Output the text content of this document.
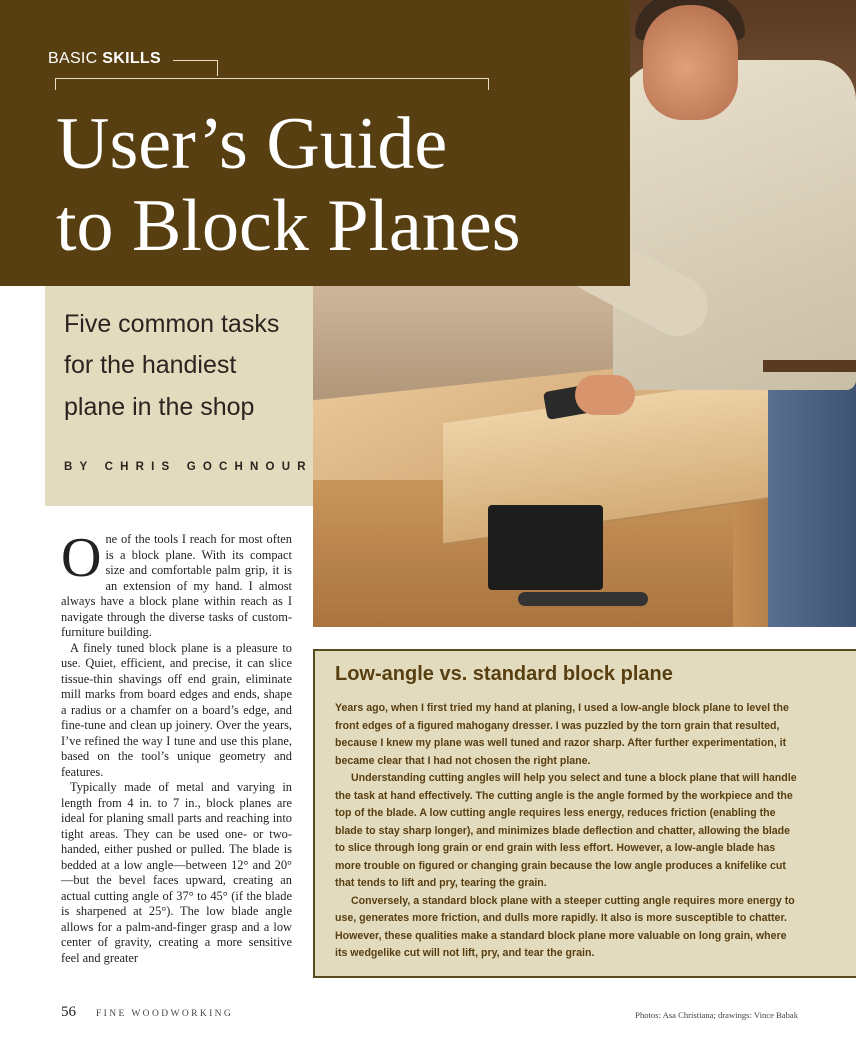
BASIC SKILLS
User’s Guide
to Block Planes
Five common tasks
for the handiest
plane in the shop
BY CHRIS GOCHNOUR

One of the tools I reach for most often is a block plane. With its compact size and comfortable palm grip, it is an extension of my hand. I almost always have a block plane within reach as I navigate through the diverse tasks of custom-furniture building.

A finely tuned block plane is a pleasure to use. Quiet, efficient, and precise, it can slice tissue-thin shavings off end grain, eliminate mill marks from board edges and ends, shape a radius or a chamfer on a board’s edge, and fine-tune and clean up joinery. Over the years, I’ve refined the way I tune and use this plane, based on the tool’s unique geometry and features.

Typically made of metal and varying in length from 4 in. to 7 in., block planes are ideal for planing small parts and reaching into tight areas. They can be used one- or two-handed, either pushed or pulled. The blade is bedded at a low angle—between 12° and 20°—but the bevel faces upward, creating an actual cutting angle of 37° to 45° (if the blade is sharpened at 25°). The low blade angle allows for a palm-and-finger grasp and a low center of gravity, creating a more sensitive feel and greater

Low-angle vs. standard block plane

Years ago, when I first tried my hand at planing, I used a low-angle block plane to level the front edges of a figured mahogany dresser. I was puzzled by the torn grain that resulted, because I knew my plane was well tuned and razor sharp. After further experimentation, it became clear that I had not chosen the right plane.

Understanding cutting angles will help you select and tune a block plane that will handle the task at hand effectively. The cutting angle is the angle formed by the workpiece and the top of the blade. A low cutting angle requires less energy, reduces friction (enabling the blade to stay sharp longer), and minimizes blade deflection and chatter, allowing the blade to slice through long grain or end grain with less effort. However, a low-angle blade has more trouble on figured or changing grain because the low angle produces a knifelike cut that tends to lift and pry, tearing the grain.

Conversely, a standard block plane with a steeper cutting angle requires more energy to use, generates more friction, and dulls more rapidly. It also is more susceptible to chatter. However, these qualities make a standard block plane more valuable on long grain, where its wedgelike cut will not lift, pry, and tear the grain.

56 FINE WOODWORKING	Photos: Asa Christiana; drawings: Vince Babak
